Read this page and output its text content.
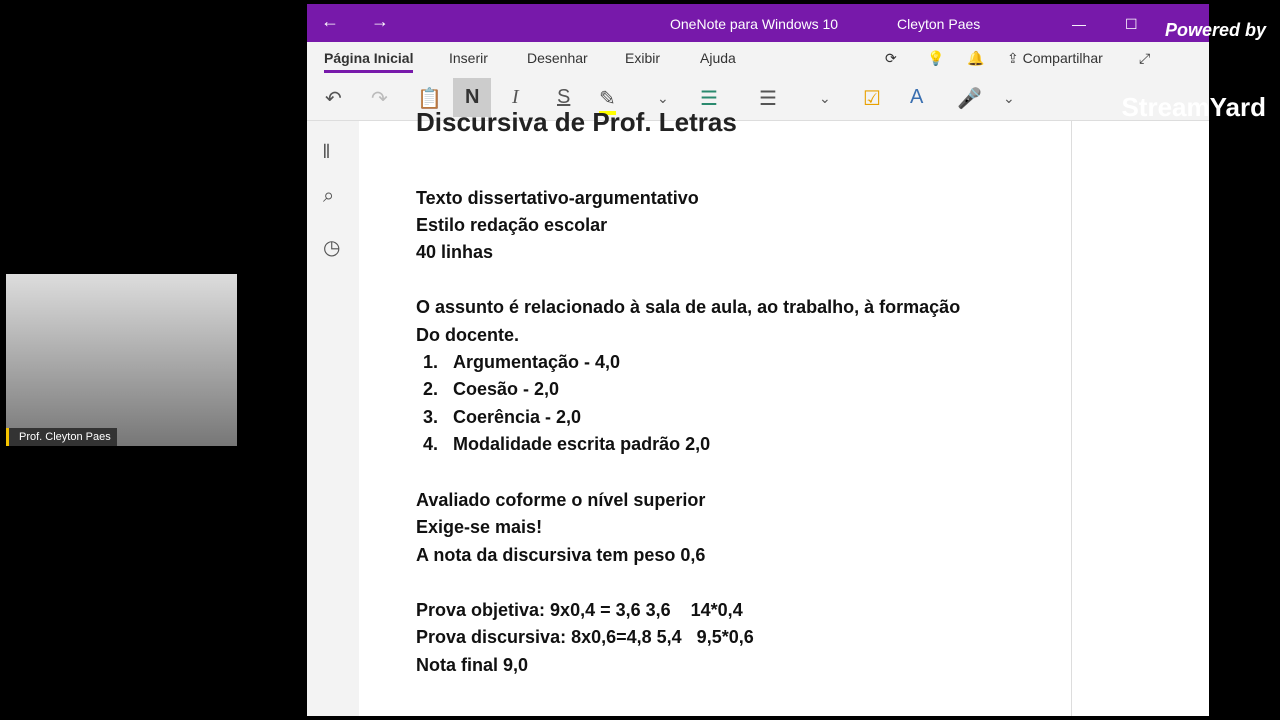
← →	OneNote para Windows 10	Cleyton Paes	—	☐
Página Inicial	Inserir	Desenhar	Exibir	Ajuda	⟳ 💡 🔔 ⇪ Compartilhar	⤢
↶ ↷ 📋	N	I S ✎	⌄ ☰ ☰	⌄ ☑ A 🎤 ⌄
𝍪
⌕
◷
Discursiva de Prof. Letras
Texto dissertativo-argumentativo
Estilo redação escolar
40 linhas
O assunto é relacionado à sala de aula, ao trabalho, à formação
Do docente.
1.   Argumentação - 4,0
2.   Coesão - 2,0
3.   Coerência - 2,0
4.   Modalidade escrita padrão 2,0
Avaliado coforme o nível superior
Exige-se mais!
A nota da discursiva tem peso 0,6
Prova objetiva: 9x0,4 = 3,6 3,6    14*0,4
Prova discursiva: 8x0,6=4,8 5,4   9,5*0,6
Nota final 9,0
Prof. Cleyton Paes
Powered by
StreamYard
